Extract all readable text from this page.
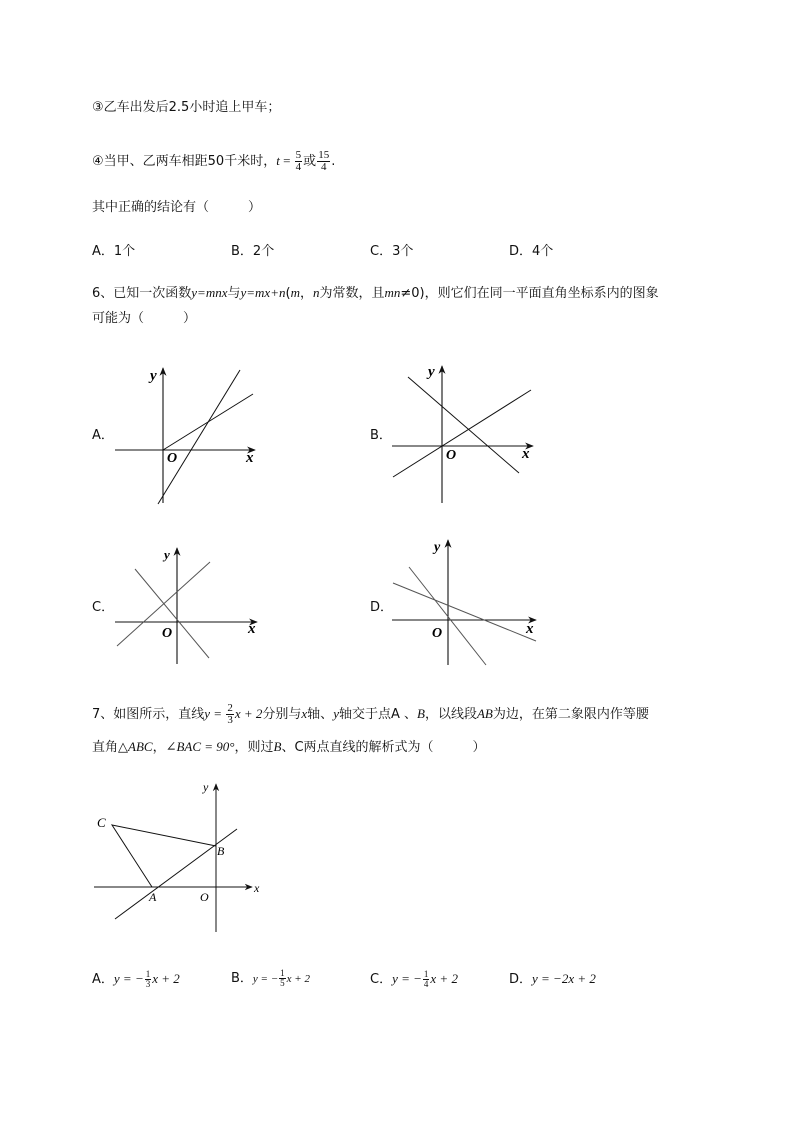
③乙车出发后2.5小时追上甲车；
④当甲、乙两车相距50千米时，$t = \frac{5}{4}$ 或 $\frac{15}{4}$ .
其中正确的结论有（　　　）
A．1个	B．2个	C．3个	D．4个
6、已知一次函数y=mnx与y=mx+n(m，n为常数，且mn≠0)，则它们在同一平面直角坐标系内的图象
可能为（　　　）
A．	B．
C．	D．
y
x
O
y
x
O
y
x
O
y
x
O
7、如图所示，直线$y = \frac{2}{3}$ x + 2分别与x轴、y轴交于点A 、B，以线段AB为边，在第二象限内作等腰
直角△ABC，∠BAC = 90°，则过B、C两点直线的解析式为（　　　）
C
B
A	O
x
y
A．y = − $\frac{1}{3}$ x + 2	B．y = − $\frac{1}{5}$ x + 2	C．y = − $\frac{1}{4}$ x + 2	D．y = −2x + 2
